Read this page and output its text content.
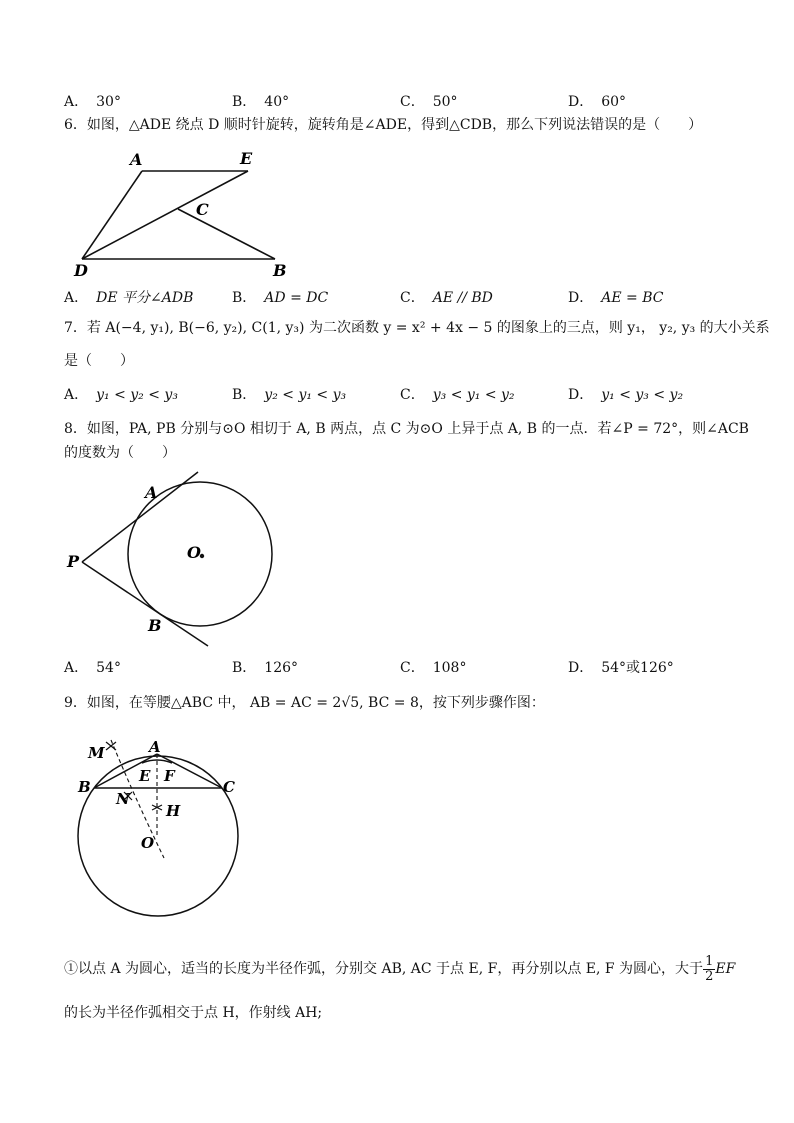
A． 30°	B． 40°	C． 50°	D． 60°
6．如图，△ADE 绕点 D 顺时针旋转，旋转角是∠ADE，得到△CDB，那么下列说法错误的是（　　）
A	E
C
D	B
A． DE 平分∠ADB	B． AD = DC	C． AE // BD	D． AE = BC
7．若 A(−4, y₁), B(−6, y₂), C(1, y₃) 为二次函数 y = x² + 4x − 5 的图象上的三点，则 y₁， y₂, y₃ 的大小关系
是（　　）
A． y₁ < y₂ < y₃	B． y₂ < y₁ < y₃	C． y₃ < y₁ < y₂	D． y₁ < y₃ < y₂
8．如图，PA, PB 分别与⊙O 相切于 A, B 两点，点 C 为⊙O 上异于点 A, B 的一点．若∠P = 72°，则∠ACB
的度数为（　　）
A
O
P
B
A． 54°	B． 126°	C． 108°	D． 54°或126°
9．如图，在等腰△ABC 中， AB = AC = 2√5, BC = 8，按下列步骤作图：
M	A
B
E F
C
N
H
O
①以点 A 为圆心，适当的长度为半径作弧，分别交 AB, AC 于点 E, F，再分别以点 E, F 为圆心，大于 $\frac{1}{2}$ EF
的长为半径作弧相交于点 H，作射线 AH;
